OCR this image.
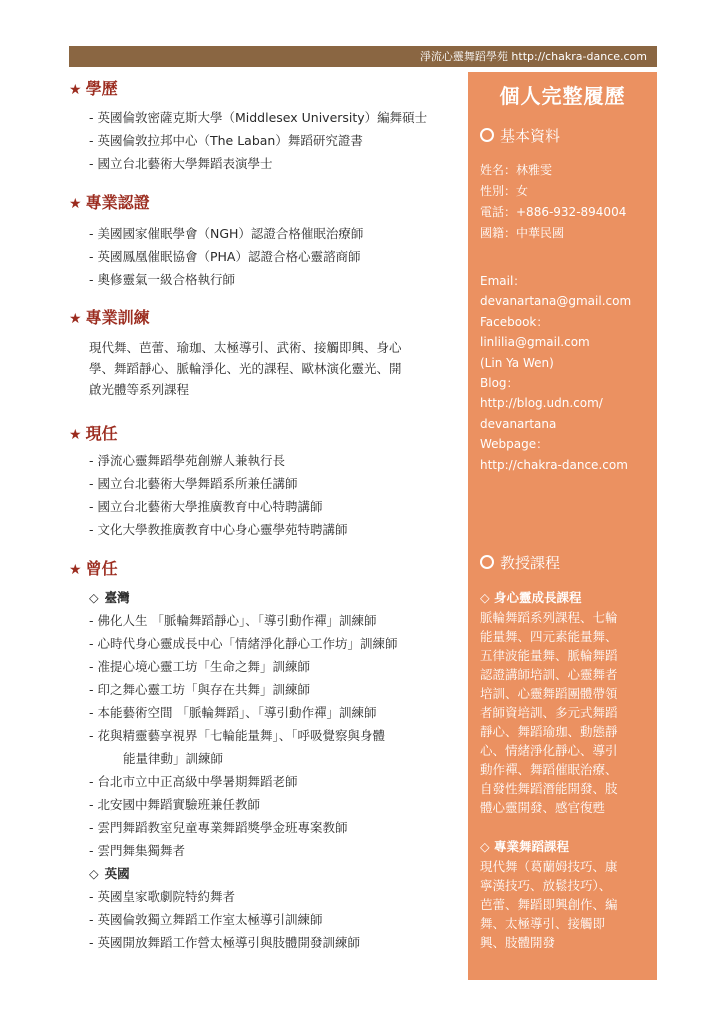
淨流心靈舞蹈學苑 http://chakra-dance.com
★ 學歷
- 英國倫敦密薩克斯大學（Middlesex University）編舞碩士
- 英國倫敦拉邦中心（The Laban）舞蹈研究證書
- 國立台北藝術大學舞蹈表演學士
★ 專業認證
- 美國國家催眠學會（NGH）認證合格催眠治療師
- 英國鳳凰催眠協會（PHA）認證合格心靈諮商師
- 奧修靈氣一級合格執行師
★ 專業訓練
現代舞、芭蕾、瑜珈、太極導引、武術、接觸即興、身心
學、舞蹈靜心、脈輪淨化、光的課程、歐林演化靈光、開
啟光體等系列課程
★ 現任
- 淨流心靈舞蹈學苑創辦人兼執行長
- 國立台北藝術大學舞蹈系所兼任講師
- 國立台北藝術大學推廣教育中心特聘講師
- 文化大學教推廣教育中心身心靈學苑特聘講師
★ 曾任
◇ 臺灣
- 佛化人生 「脈輪舞蹈靜心」、「導引動作禪」訓練師
- 心時代身心靈成長中心「情緒淨化靜心工作坊」訓練師
- 准提心境心靈工坊「生命之舞」訓練師
- 印之舞心靈工坊「與存在共舞」訓練師
- 本能藝術空間 「脈輪舞蹈」、「導引動作禪」訓練師
- 花與精靈藝享視界「七輪能量舞」、「呼吸覺察與身體
能量律動」訓練師
- 台北市立中正高級中學暑期舞蹈老師
- 北安國中舞蹈實驗班兼任教師
- 雲門舞蹈教室兒童專業舞蹈獎學金班專案教師
- 雲門舞集獨舞者
◇ 英國
- 英國皇家歌劇院特約舞者
- 英國倫敦獨立舞蹈工作室太極導引訓練師
- 英國開放舞蹈工作營太極導引與肢體開發訓練師
個人完整履歷
基本資料
姓名：林雅雯
性別：女
電話：+886-932-894004
國籍：中華民國
Email：
devanartana@gmail.com
Facebook：
linlilia@gmail.com
(Lin Ya Wen)
Blog：
http://blog.udn.com/
devanartana
Webpage：
http://chakra-dance.com
教授課程
◇ 身心靈成長課程
脈輪舞蹈系列課程、七輪
能量舞、四元素能量舞、
五律波能量舞、脈輪舞蹈
認證講師培訓、心靈舞者
培訓、心靈舞蹈團體帶領
者師資培訓、多元式舞蹈
靜心、舞蹈瑜珈、動態靜
心、情緒淨化靜心、導引
動作禪、舞蹈催眠治療、
自發性舞蹈潛能開發、肢
體心靈開發、感官復甦
◇ 專業舞蹈課程
現代舞（葛蘭姆技巧、康
寧漢技巧、放鬆技巧）、
芭蕾、舞蹈即興創作、編
舞、太極導引、接觸即
興、肢體開發
